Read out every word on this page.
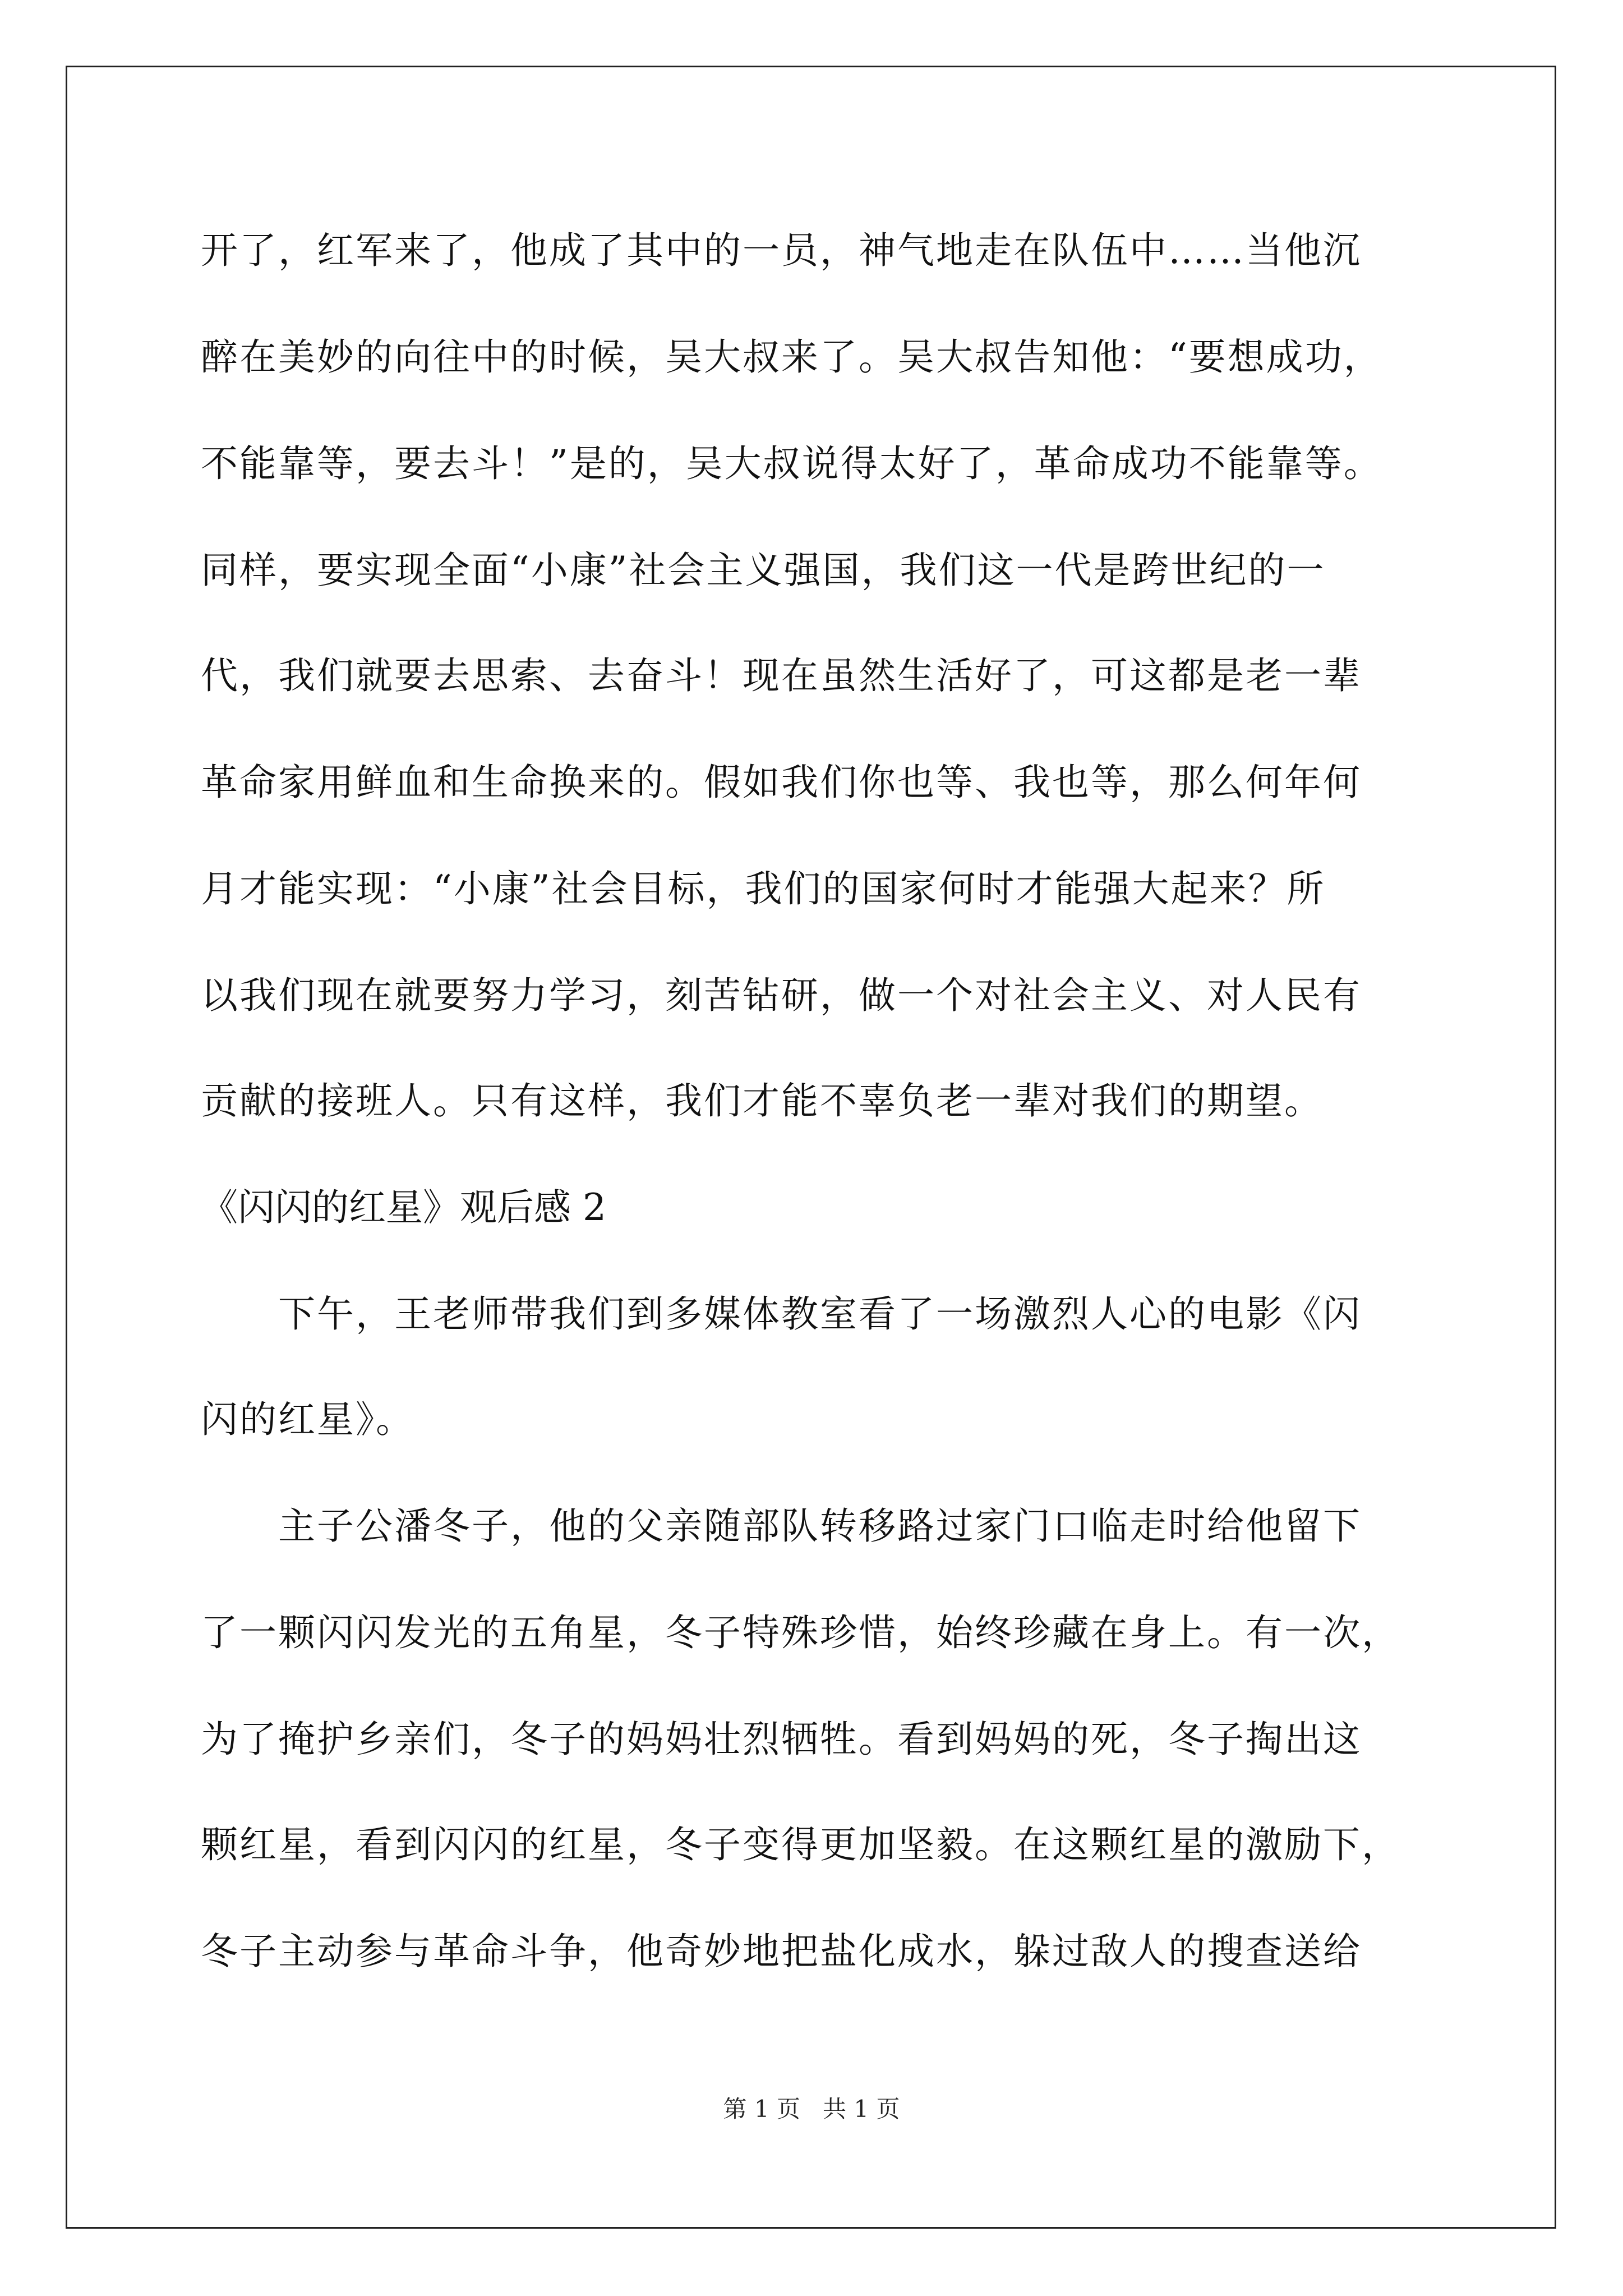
开了，红军来了，他成了其中的一员，神气地走在队伍中……当他沉

醉在美妙的向往中的时候，吴大叔来了。吴大叔告知他：“要想成功，

不能靠等，要去斗！”是的，吴大叔说得太好了，革命成功不能靠等。

同样，要实现全面“小康”社会主义强国，我们这一代是跨世纪的一

代，我们就要去思索、去奋斗！现在虽然生活好了，可这都是老一辈

革命家用鲜血和生命换来的。假如我们你也等、我也等，那么何年何

月才能实现：“小康”社会目标，我们的国家何时才能强大起来？所

以我们现在就要努力学习，刻苦钻研，做一个对社会主义、对人民有

贡献的接班人。只有这样，我们才能不辜负老一辈对我们的期望。

《闪闪的红星》观后感 2

下午，王老师带我们到多媒体教室看了一场激烈人心的电影《闪

闪的红星》。

主子公潘冬子，他的父亲随部队转移路过家门口临走时给他留下

了一颗闪闪发光的五角星，冬子特殊珍惜，始终珍藏在身上。有一次，

为了掩护乡亲们，冬子的妈妈壮烈牺牲。看到妈妈的死，冬子掏出这

颗红星，看到闪闪的红星，冬子变得更加坚毅。在这颗红星的激励下，

冬子主动参与革命斗争，他奇妙地把盐化成水，躲过敌人的搜查送给

第 1 页   共 1 页
